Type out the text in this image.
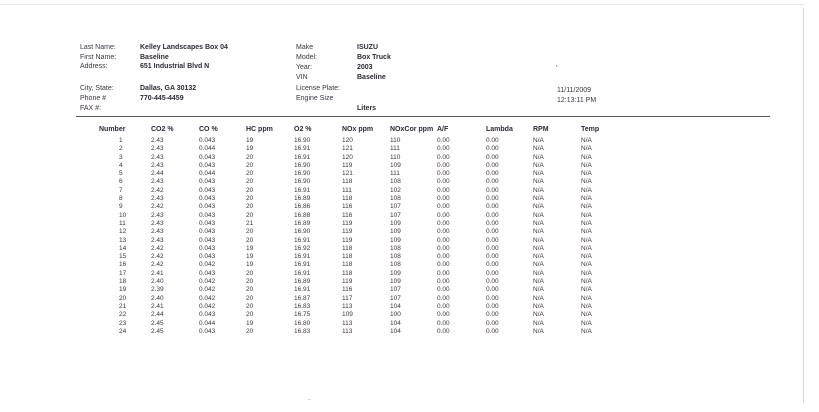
Last Name:	Kelley Landscapes Box 04
First Name:	Baseline
Address:	651 Industrial Blvd N
City, State:	Dallas, GA 30132
Phone #	770-445-4459
FAX #:
Make	ISUZU
Model:	Box Truck
Year:	2003
VIN	Baseline
License Plate:
Engine Size
Liters
11/11/2009
12:13:11 PM
'
.
Number	CO2 %	CO %	HC ppm	O2 %	NOx ppm	NOxCor ppm	A/F	Lambda	RPM	Temp
1	2.43	0.043	19	16.90	120	110	0.00	0.00	N/A	N/A
2	2.43	0.044	19	16.91	121	111	0.00	0.00	N/A	N/A
3	2.43	0.043	20	16.91	120	110	0.00	0.00	N/A	N/A
4	2.43	0.043	20	16.90	119	109	0.00	0.00	N/A	N/A
5	2.44	0.044	20	16.90	121	111	0.00	0.00	N/A	N/A
6	2.43	0.043	20	16.90	118	108	0.00	0.00	N/A	N/A
7	2.42	0.043	20	16.91	111	102	0.00	0.00	N/A	N/A
8	2.43	0.043	20	16.89	118	108	0.00	0.00	N/A	N/A
9	2.42	0.043	20	16.86	116	107	0.00	0.00	N/A	N/A
10	2.43	0.043	20	16.88	116	107	0.00	0.00	N/A	N/A
11	2.43	0.043	21	16.89	119	109	0.00	0.00	N/A	N/A
12	2.43	0.043	20	16.90	119	109	0.00	0.00	N/A	N/A
13	2.43	0.043	20	16.91	119	109	0.00	0.00	N/A	N/A
14	2.42	0.043	19	16.92	118	108	0.00	0.00	N/A	N/A
15	2.42	0.043	19	16.91	118	108	0.00	0.00	N/A	N/A
16	2.42	0.042	19	16.91	118	108	0.00	0.00	N/A	N/A
17	2.41	0.043	20	16.91	118	109	0.00	0.00	N/A	N/A
18	2.40	0.042	20	16.89	119	109	0.00	0.00	N/A	N/A
19	2.39	0.042	20	16.91	116	107	0.00	0.00	N/A	N/A
20	2.40	0.042	20	16.87	117	107	0.00	0.00	N/A	N/A
21	2.41	0.042	20	16.83	113	104	0.00	0.00	N/A	N/A
22	2.44	0.043	20	16.75	109	100	0.00	0.00	N/A	N/A
23	2.45	0.044	19	16.80	113	104	0.00	0.00	N/A	N/A
24	2.45	0.043	20	16.83	113	104	0.00	0.00	N/A	N/A
